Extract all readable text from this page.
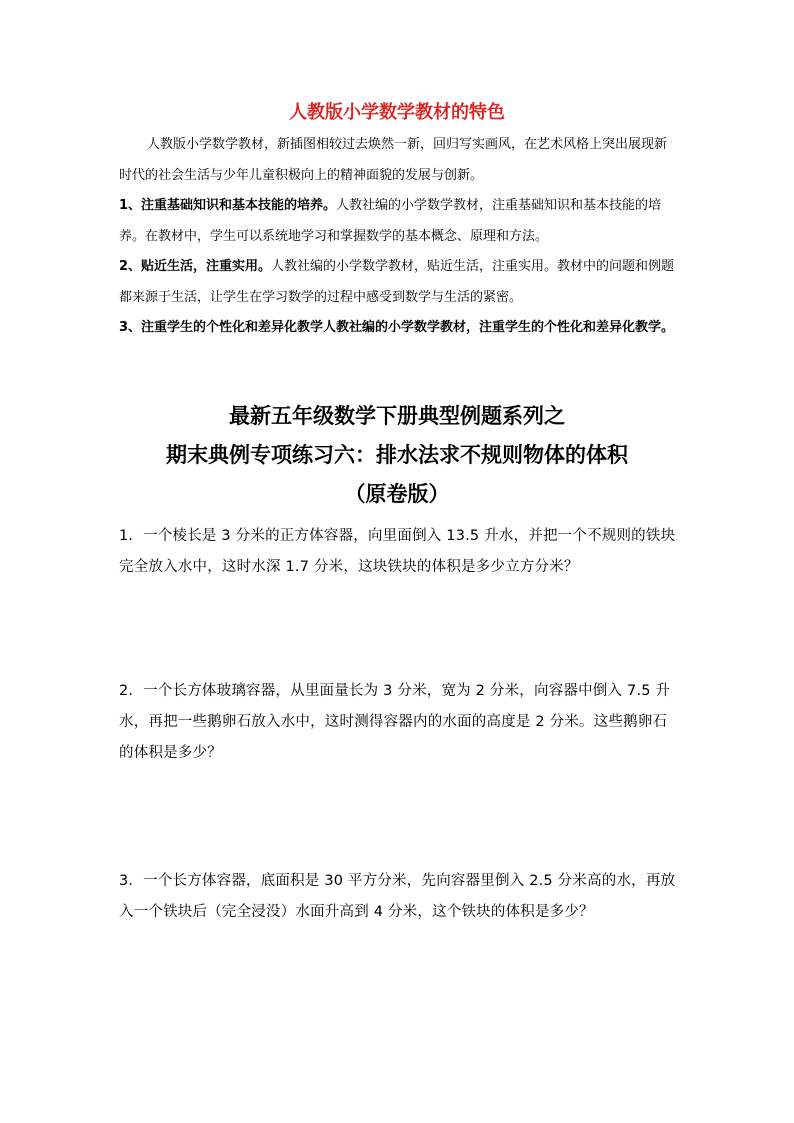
人教版小学数学教材的特色

人教版小学数学教材，新插图相较过去焕然一新，回归写实画风，在艺术风格上突出展现新时代的社会生活与少年儿童积极向上的精神面貌的发展与创新。

1、注重基础知识和基本技能的培养。人教社编的小学数学教材，注重基础知识和基本技能的培养。在教材中，学生可以系统地学习和掌握数学的基本概念、原理和方法。

2、贴近生活，注重实用。人教社编的小学数学教材，贴近生活，注重实用。教材中的问题和例题都来源于生活，让学生在学习数学的过程中感受到数学与生活的紧密。

3、注重学生的个性化和差异化教学人教社编的小学数学教材，注重学生的个性化和差异化教学。

最新五年级数学下册典型例题系列之
期末典例专项练习六：排水法求不规则物体的体积
（原卷版）

1．一个棱长是 3 分米的正方体容器，向里面倒入 13.5 升水，并把一个不规则的铁块完全放入水中，这时水深 1.7 分米，这块铁块的体积是多少立方分米？

2．一个长方体玻璃容器，从里面量长为 3 分米，宽为 2 分米，向容器中倒入 7.5 升水，再把一些鹅卵石放入水中，这时测得容器内的水面的高度是 2 分米。这些鹅卵石的体积是多少？

3．一个长方体容器，底面积是 30 平方分米，先向容器里倒入 2.5 分米高的水，再放入一个铁块后（完全浸没）水面升高到 4 分米，这个铁块的体积是多少？
